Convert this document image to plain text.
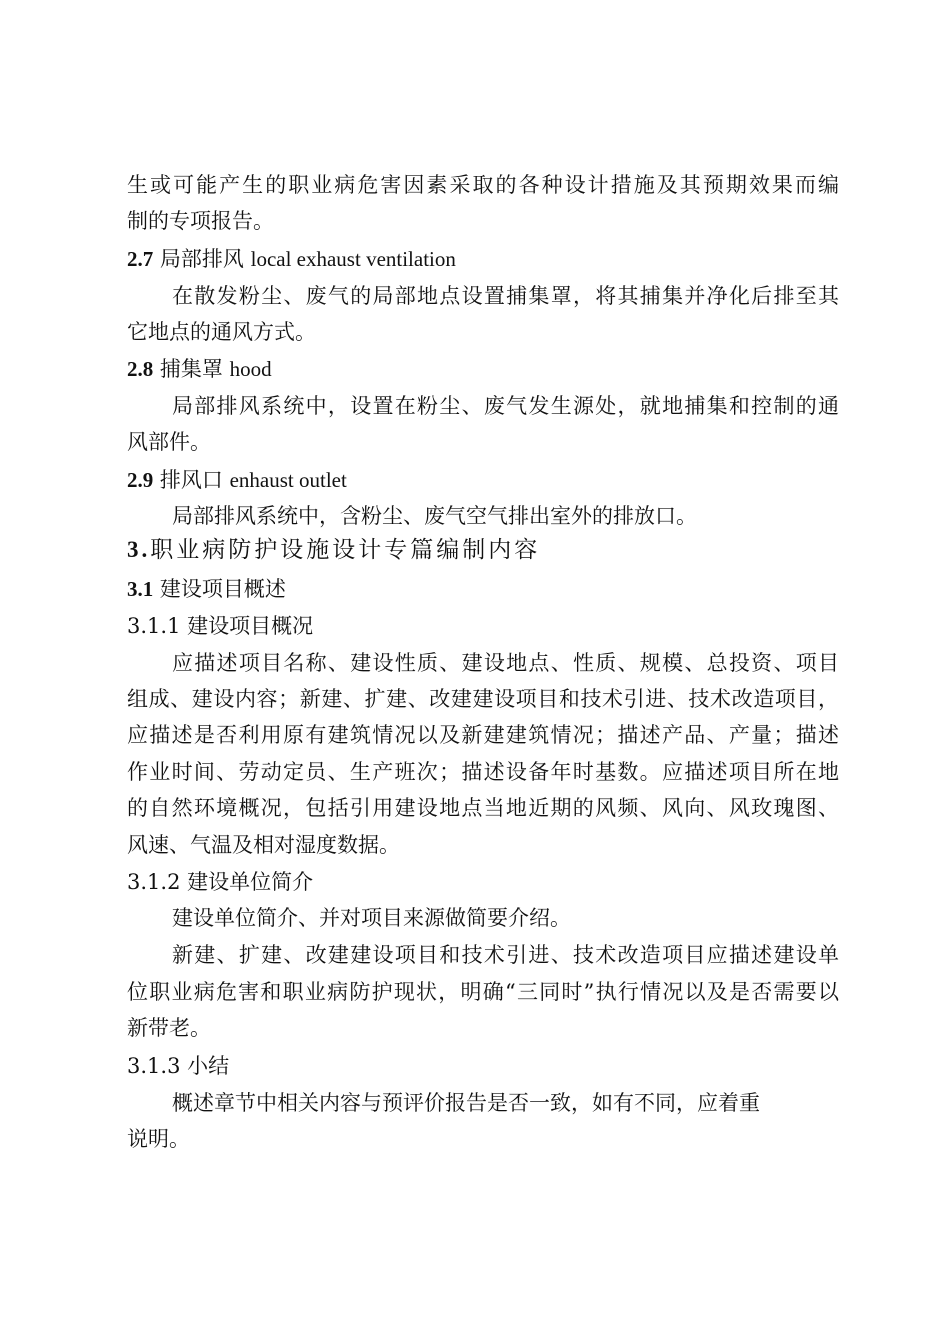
生或可能产生的职业病危害因素采取的各种设计措施及其预期效果而编
制的专项报告。
2.7 局部排风 local exhaust ventilation
在散发粉尘、废气的局部地点设置捕集罩，将其捕集并净化后排至其
它地点的通风方式。
2.8 捕集罩 hood
局部排风系统中，设置在粉尘、废气发生源处，就地捕集和控制的通
风部件。
2.9 排风口 enhaust outlet
局部排风系统中，含粉尘、废气空气排出室外的排放口。
3.职业病防护设施设计专篇编制内容
3.1 建设项目概述
3.1.1 建设项目概况
应描述项目名称、建设性质、建设地点、性质、规模、总投资、项目
组成、建设内容；新建、扩建、改建建设项目和技术引进、技术改造项目，
应描述是否利用原有建筑情况以及新建建筑情况；描述产品、产量；描述
作业时间、劳动定员、生产班次；描述设备年时基数。应描述项目所在地
的自然环境概况，包括引用建设地点当地近期的风频、风向、风玫瑰图、
风速、气温及相对湿度数据。
3.1.2 建设单位简介
建设单位简介、并对项目来源做简要介绍。
新建、扩建、改建建设项目和技术引进、技术改造项目应描述建设单
位职业病危害和职业病防护现状，明确“三同时”执行情况以及是否需要以
新带老。
3.1.3 小结
概述章节中相关内容与预评价报告是否一致，如有不同，应着重
说明。
